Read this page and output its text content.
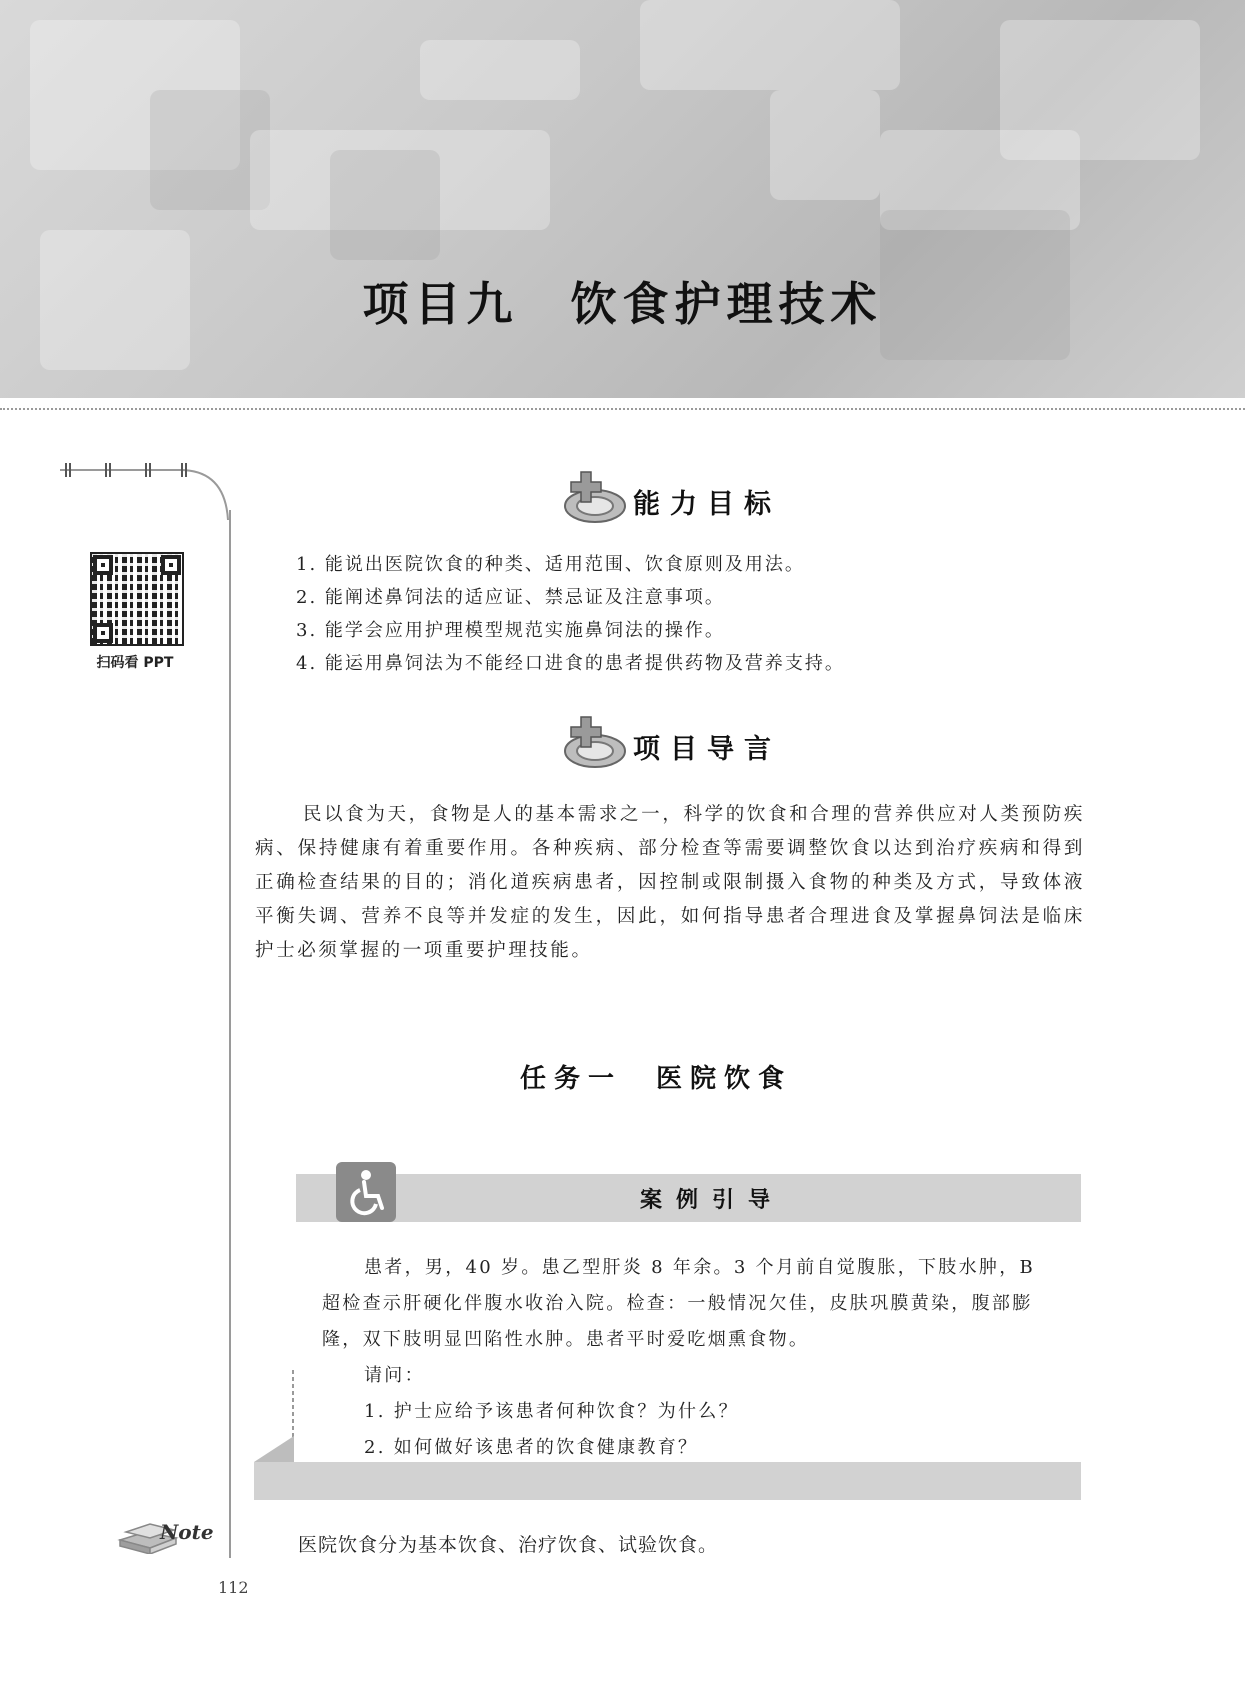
项目九　饮食护理技术
扫码看 PPT
Note
112
能力目标
1. 能说出医院饮食的种类、适用范围、饮食原则及用法。
2. 能阐述鼻饲法的适应证、禁忌证及注意事项。
3. 能学会应用护理模型规范实施鼻饲法的操作。
4. 能运用鼻饲法为不能经口进食的患者提供药物及营养支持。
项目导言

民以食为天，食物是人的基本需求之一，科学的饮食和合理的营养供应对人类预防疾病、保持健康有着重要作用。各种疾病、部分检查等需要调整饮食以达到治疗疾病和得到正确检查结果的目的；消化道疾病患者，因控制或限制摄入食物的种类及方式，导致体液平衡失调、营养不良等并发症的发生，因此，如何指导患者合理进食及掌握鼻饲法是临床护士必须掌握的一项重要护理技能。

任务一　医院饮食
案例引导

患者，男，40 岁。患乙型肝炎 8 年余。3 个月前自觉腹胀，下肢水肿，B 超检查示肝硬化伴腹水收治入院。检查：一般情况欠佳，皮肤巩膜黄染，腹部膨隆，双下肢明显凹陷性水肿。患者平时爱吃烟熏食物。

请问：

1. 护士应给予该患者何种饮食？为什么？

2. 如何做好该患者的饮食健康教育？

医院饮食分为基本饮食、治疗饮食、试验饮食。
